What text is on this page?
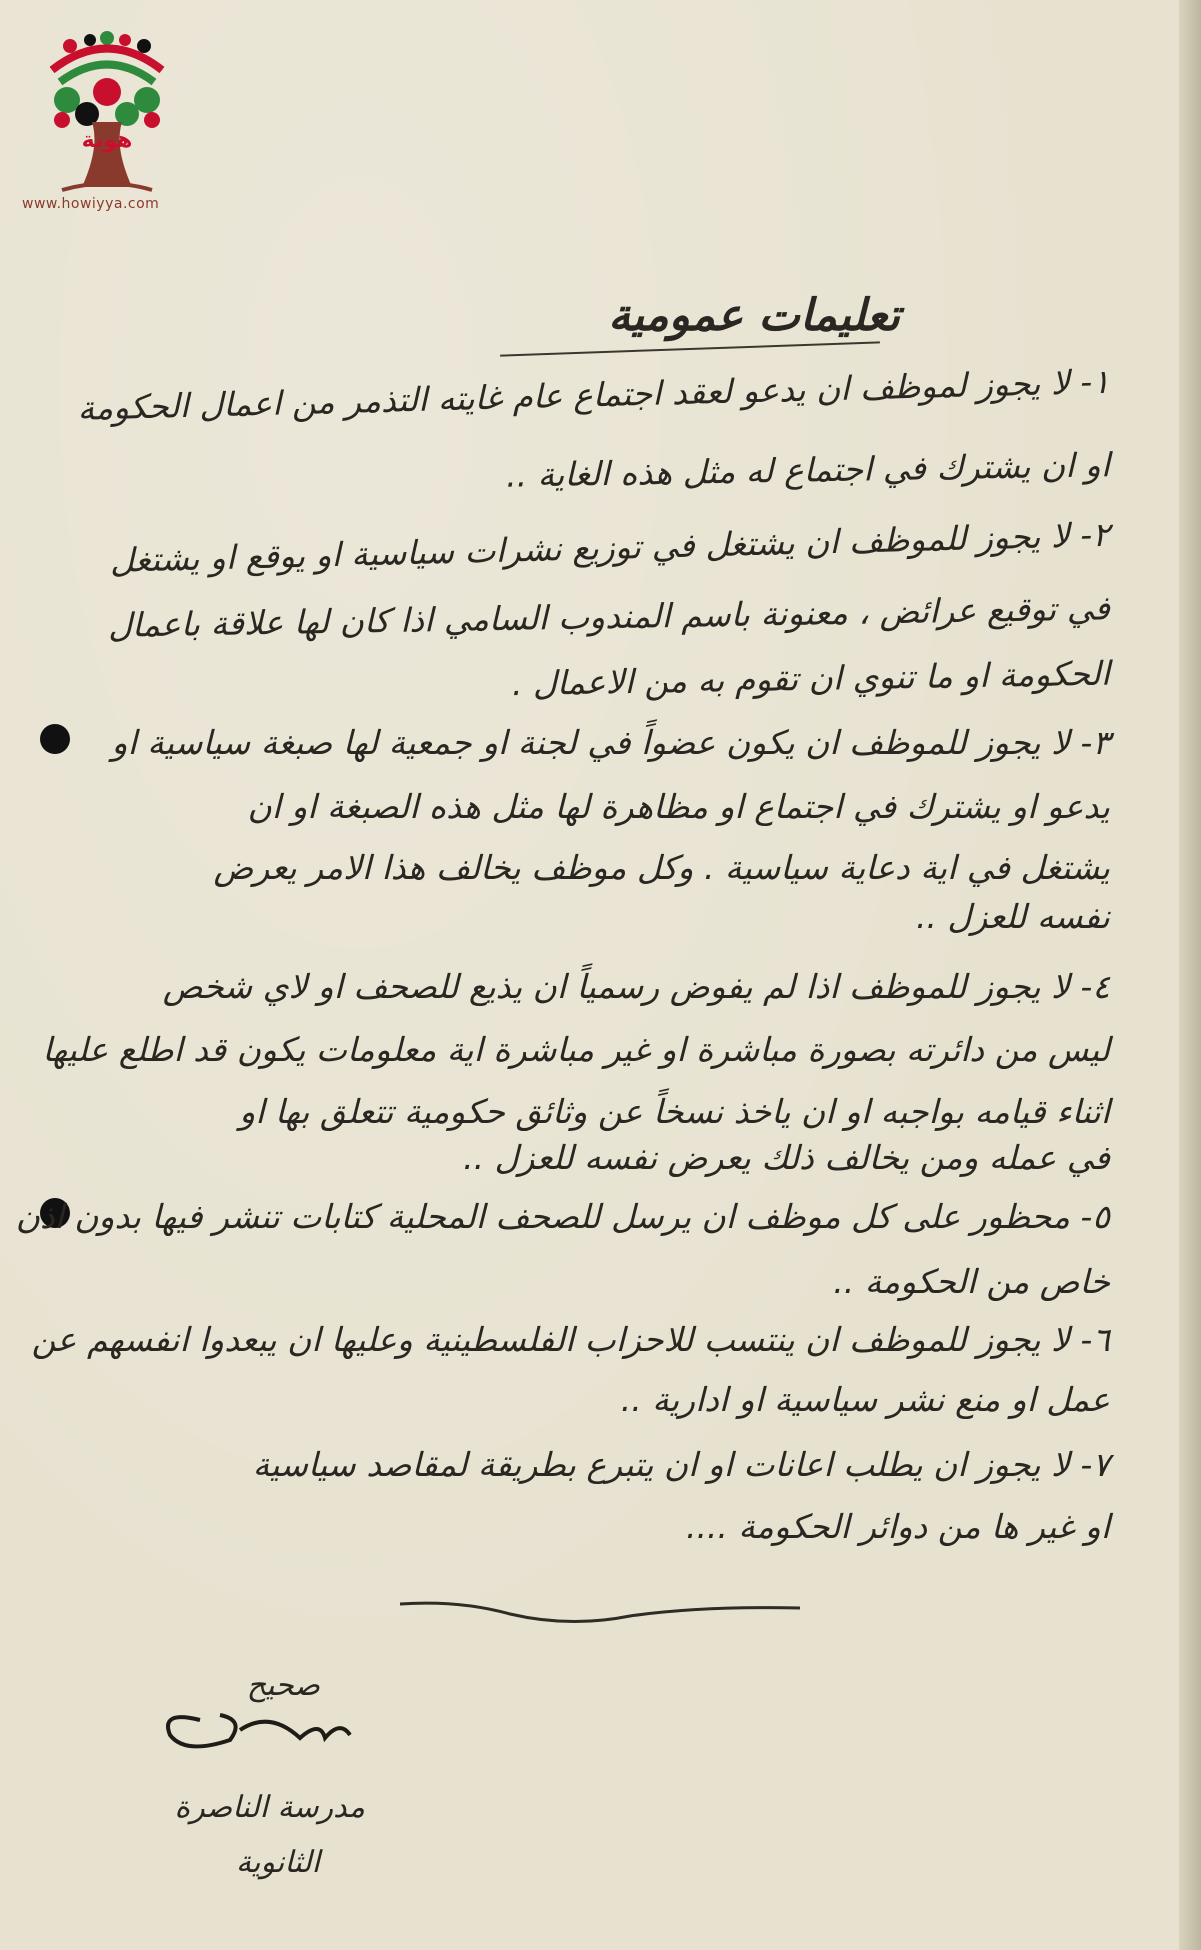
هوية
www.howiyya.com
تعليمات عمومية
١- لا يجوز لموظف ان يدعو لعقد اجتماع عام غايته التذمر من اعمال الحكومة
او ان يشترك في اجتماع له مثل هذه الغاية ..
٢- لا يجوز للموظف ان يشتغل في توزيع نشرات سياسية او يوقع او يشتغل
في توقيع عرائض ، معنونة باسم المندوب السامي اذا كان لها علاقة باعمال
الحكومة او ما تنوي ان تقوم به من الاعمال .
٣- لا يجوز للموظف ان يكون عضواً في لجنة او جمعية لها صبغة سياسية او
يدعو او يشترك في اجتماع او مظاهرة لها مثل هذه الصبغة او ان
يشتغل في اية دعاية سياسية . وكل موظف يخالف هذا الامر يعرض
نفسه للعزل ..
٤- لا يجوز للموظف اذا لم يفوض رسمياً ان يذيع للصحف او لاي شخص
ليس من دائرته بصورة مباشرة او غير مباشرة اية معلومات يكون قد اطلع عليها
اثناء قيامه بواجبه او ان ياخذ نسخاً عن وثائق حكومية تتعلق بها او
في عمله ومن يخالف ذلك يعرض نفسه للعزل ..
٥- محظور على كل موظف ان يرسل للصحف المحلية كتابات تنشر فيها بدون اذن
خاص من الحكومة ..
٦- لا يجوز للموظف ان ينتسب للاحزاب الفلسطينية وعليها ان يبعدوا انفسهم عن
عمل او منع نشر سياسية او ادارية ..
٧- لا يجوز ان يطلب اعانات او ان يتبرع بطريقة لمقاصد سياسية
او غير ها من دوائر الحكومة ....
صحيح
مدرسة الناصرة
الثانوية
